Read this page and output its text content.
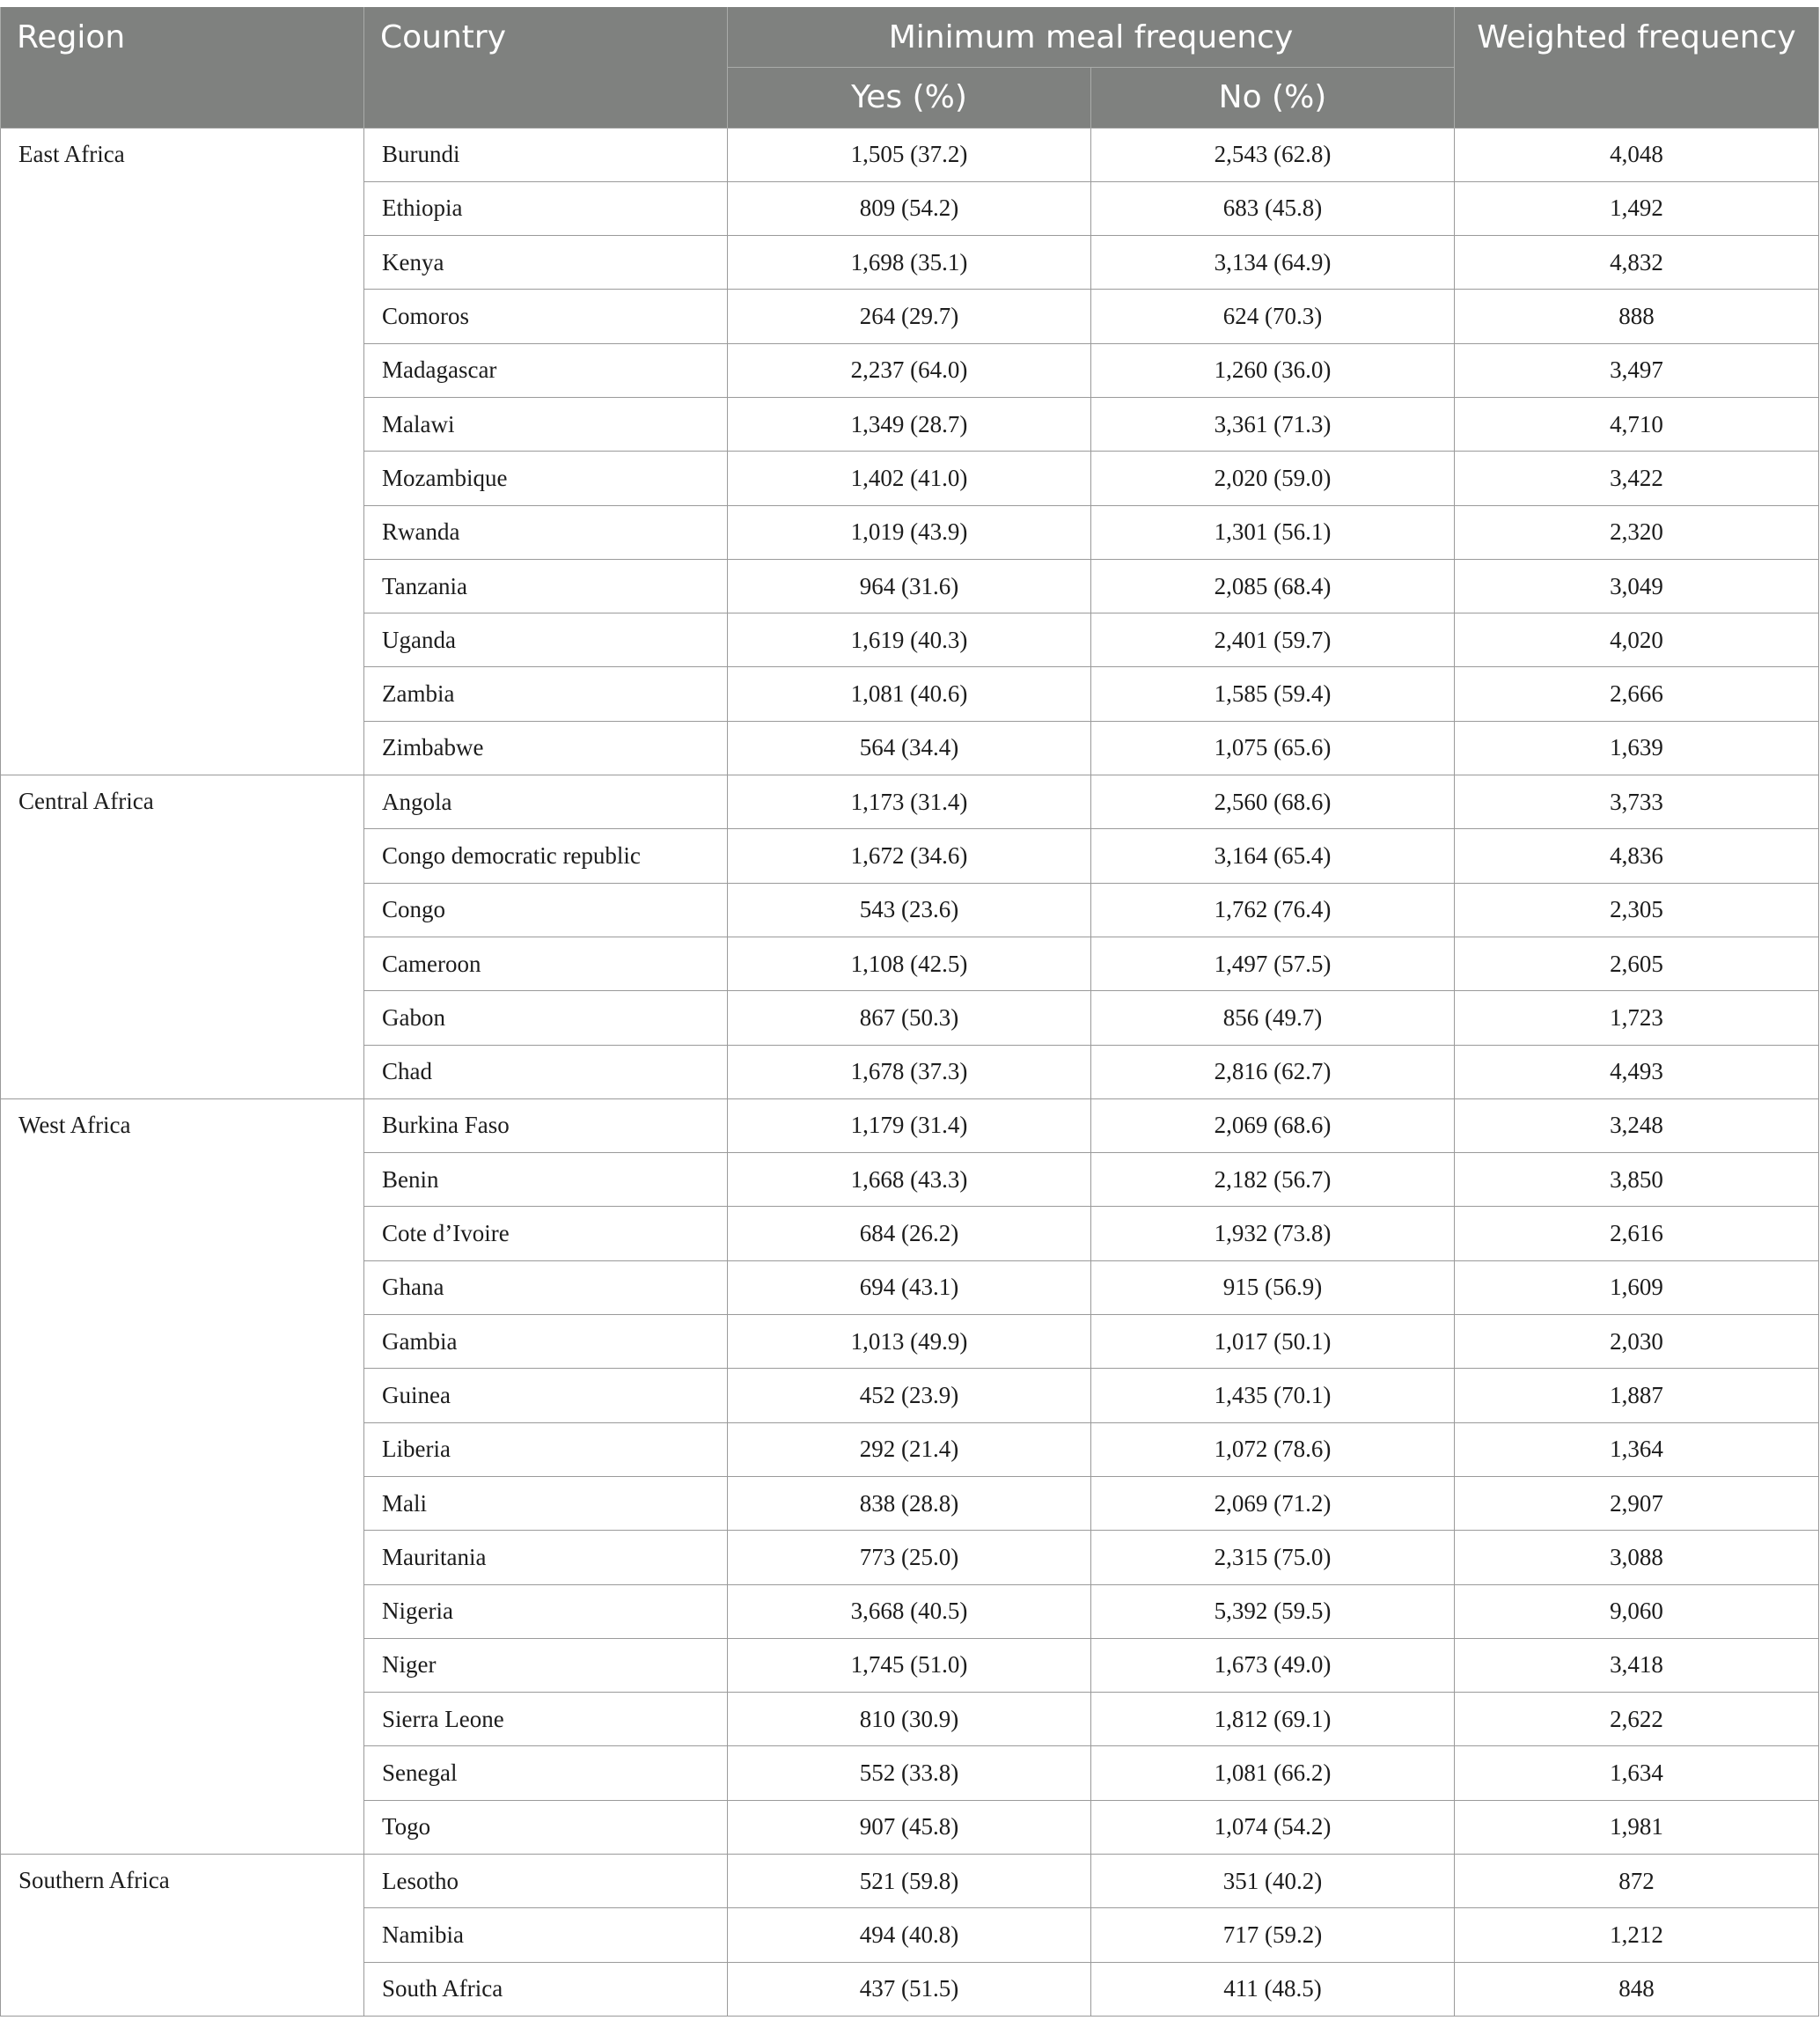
Region	Country	Minimum meal frequency		Weighted frequency
		Yes (%)	No (%)	
East Africa	Burundi	1,505 (37.2)	2,543 (62.8)	4,048
	Ethiopia	809 (54.2)	683 (45.8)	1,492
	Kenya	1,698 (35.1)	3,134 (64.9)	4,832
	Comoros	264 (29.7)	624 (70.3)	888
	Madagascar	2,237 (64.0)	1,260 (36.0)	3,497
	Malawi	1,349 (28.7)	3,361 (71.3)	4,710
	Mozambique	1,402 (41.0)	2,020 (59.0)	3,422
	Rwanda	1,019 (43.9)	1,301 (56.1)	2,320
	Tanzania	964 (31.6)	2,085 (68.4)	3,049
	Uganda	1,619 (40.3)	2,401 (59.7)	4,020
	Zambia	1,081 (40.6)	1,585 (59.4)	2,666
	Zimbabwe	564 (34.4)	1,075 (65.6)	1,639
Central Africa	Angola	1,173 (31.4)	2,560 (68.6)	3,733
	Congo democratic republic	1,672 (34.6)	3,164 (65.4)	4,836
	Congo	543 (23.6)	1,762 (76.4)	2,305
	Cameroon	1,108 (42.5)	1,497 (57.5)	2,605
	Gabon	867 (50.3)	856 (49.7)	1,723
	Chad	1,678 (37.3)	2,816 (62.7)	4,493
West Africa	Burkina Faso	1,179 (31.4)	2,069 (68.6)	3,248
	Benin	1,668 (43.3)	2,182 (56.7)	3,850
	Cote d’Ivoire	684 (26.2)	1,932 (73.8)	2,616
	Ghana	694 (43.1)	915 (56.9)	1,609
	Gambia	1,013 (49.9)	1,017 (50.1)	2,030
	Guinea	452 (23.9)	1,435 (70.1)	1,887
	Liberia	292 (21.4)	1,072 (78.6)	1,364
	Mali	838 (28.8)	2,069 (71.2)	2,907
	Mauritania	773 (25.0)	2,315 (75.0)	3,088
	Nigeria	3,668 (40.5)	5,392 (59.5)	9,060
	Niger	1,745 (51.0)	1,673 (49.0)	3,418
	Sierra Leone	810 (30.9)	1,812 (69.1)	2,622
	Senegal	552 (33.8)	1,081 (66.2)	1,634
	Togo	907 (45.8)	1,074 (54.2)	1,981
Southern Africa	Lesotho	521 (59.8)	351 (40.2)	872
	Namibia	494 (40.8)	717 (59.2)	1,212
	South Africa	437 (51.5)	411 (48.5)	848
